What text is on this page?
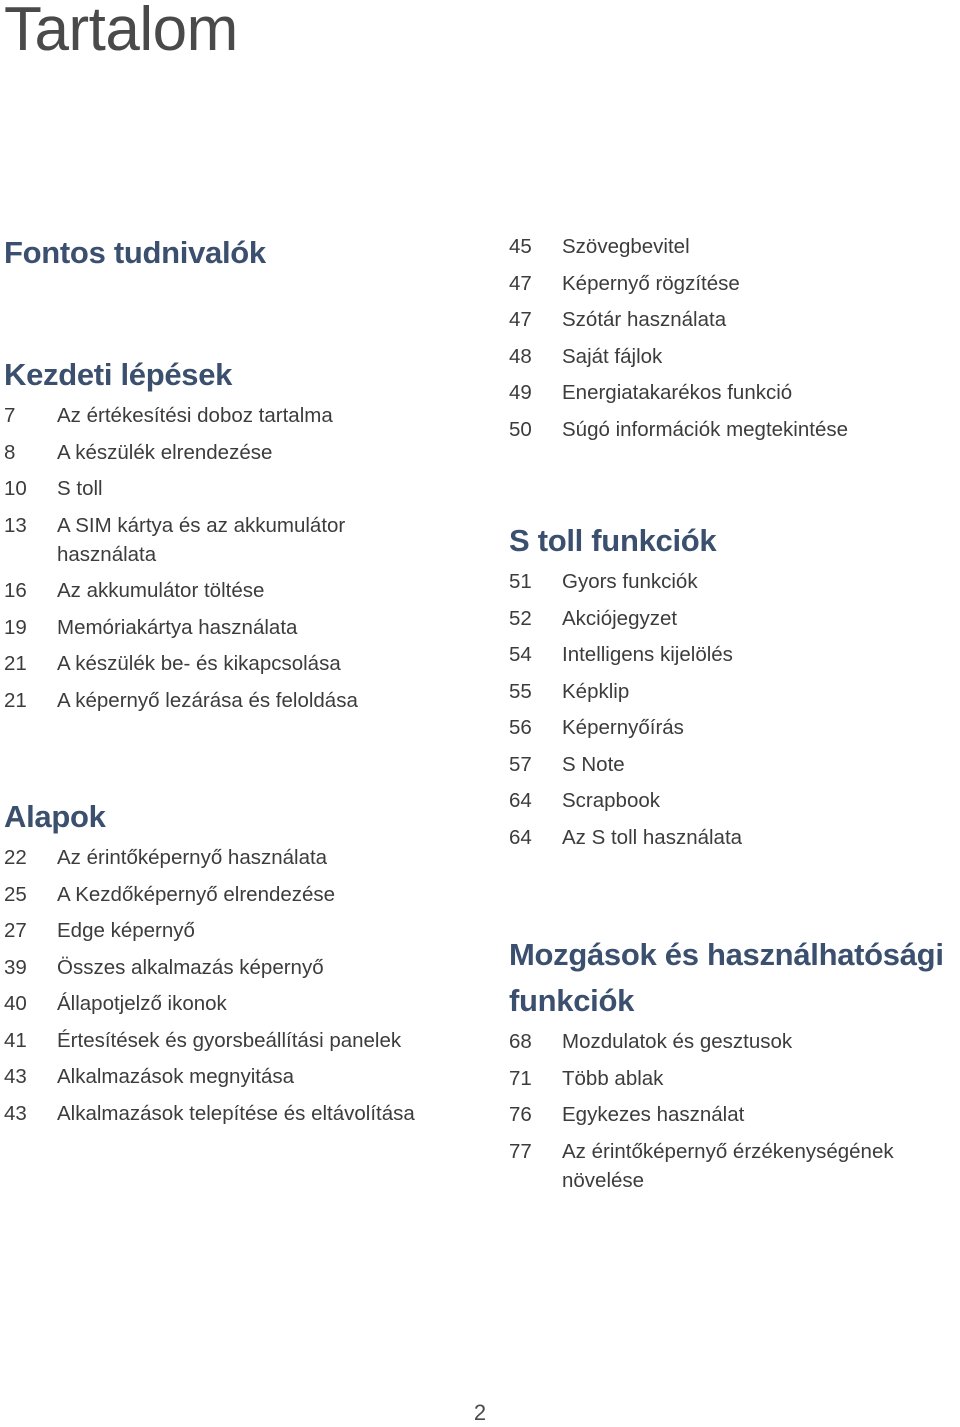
Tartalom
Fontos tudnivalók
Kezdeti lépések
7	Az értékesítési doboz tartalma
8	A készülék elrendezése
10	S toll
13	A SIM kártya és az akkumulátor használata
16	Az akkumulátor töltése
19	Memóriakártya használata
21	A készülék be- és kikapcsolása
21	A képernyő lezárása és feloldása
Alapok
22	Az érintőképernyő használata
25	A Kezdőképernyő elrendezése
27	Edge képernyő
39	Összes alkalmazás képernyő
40	Állapotjelző ikonok
41	Értesítések és gyorsbeállítási panelek
43	Alkalmazások megnyitása
43	Alkalmazások telepítése és eltávolítása
45	Szövegbevitel
47	Képernyő rögzítése
47	Szótár használata
48	Saját fájlok
49	Energiatakarékos funkció
50	Súgó információk megtekintése
S toll funkciók
51	Gyors funkciók
52	Akciójegyzet
54	Intelligens kijelölés
55	Képklip
56	Képernyőírás
57	S Note
64	Scrapbook
64	Az S toll használata
Mozgások és használhatósági funkciók
68	Mozdulatok és gesztusok
71	Több ablak
76	Egykezes használat
77	Az érintőképernyő érzékenységének növelése
2
